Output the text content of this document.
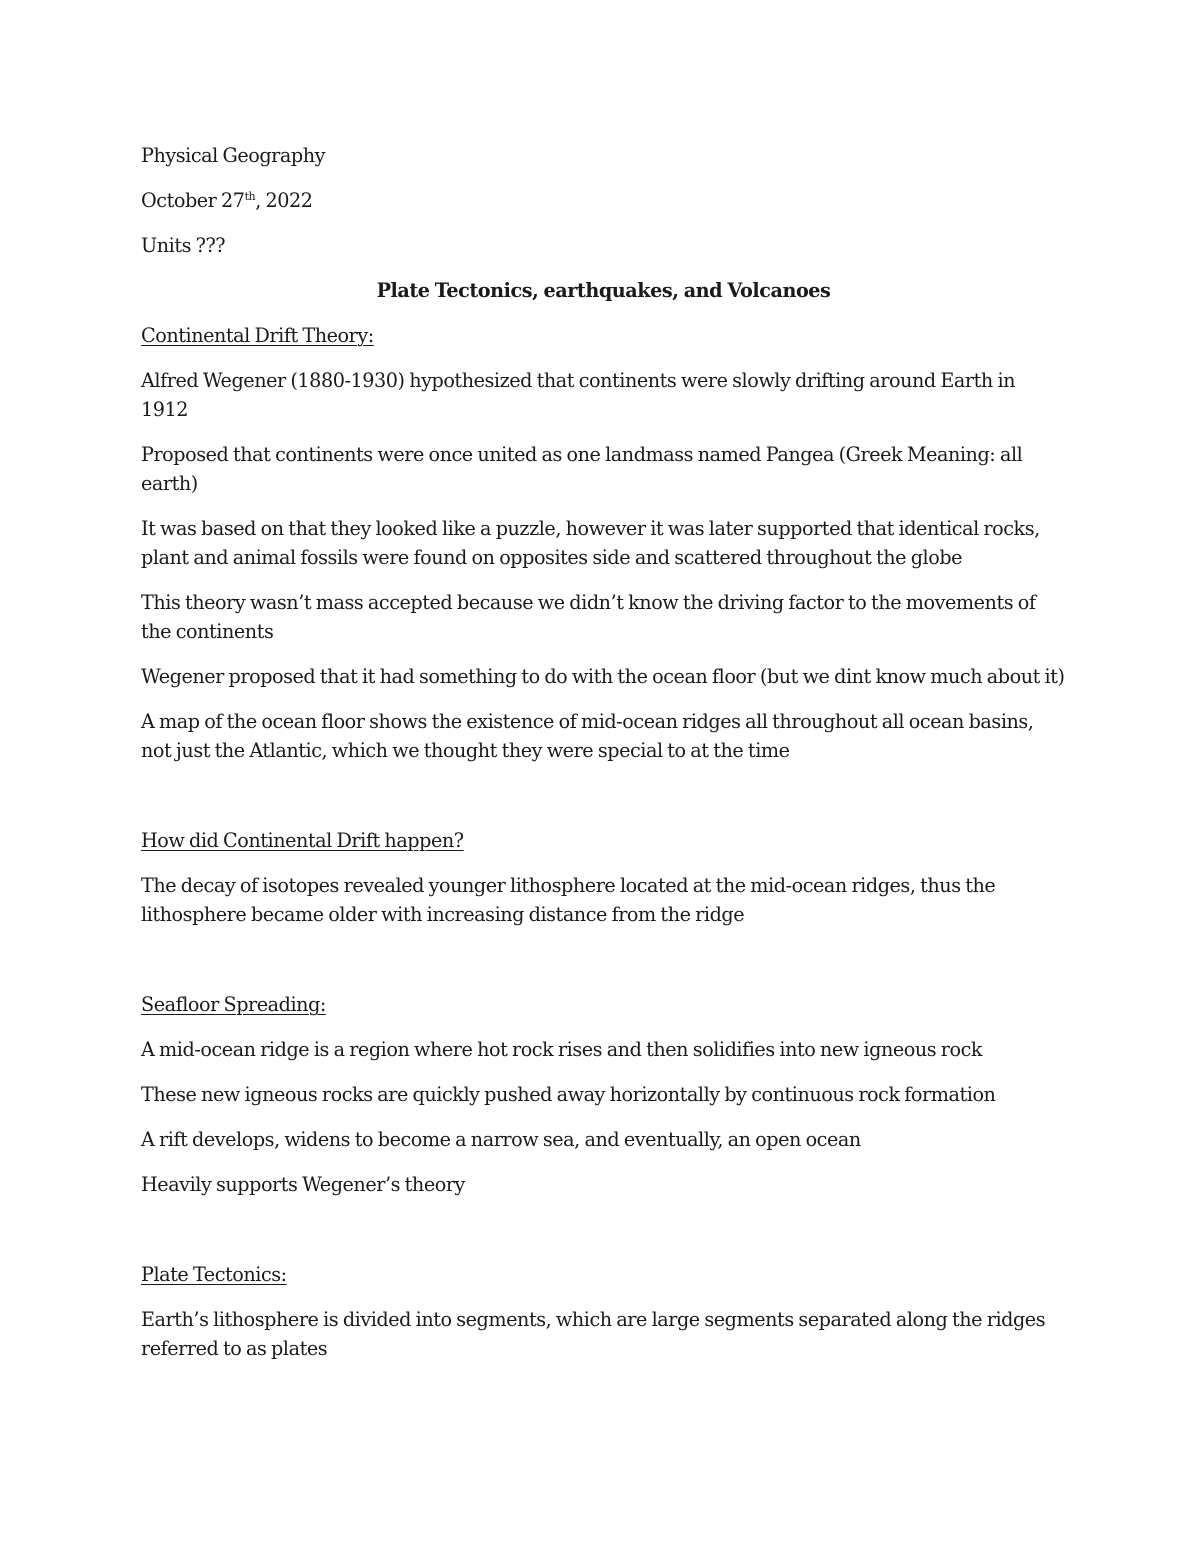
Physical Geography

October 27th, 2022

Units ???

Plate Tectonics, earthquakes, and Volcanoes

Continental Drift Theory:

Alfred Wegener (1880-1930) hypothesized that continents were slowly drifting around Earth in 1912

Proposed that continents were once united as one landmass named Pangea (Greek Meaning: all earth)

It was based on that they looked like a puzzle, however it was later supported that identical rocks, plant and animal fossils were found on opposites side and scattered throughout the globe

This theory wasn’t mass accepted because we didn’t know the driving factor to the movements of the continents

Wegener proposed that it had something to do with the ocean floor (but we dint know much about it)

A map of the ocean floor shows the existence of mid-ocean ridges all throughout all ocean basins, not just the Atlantic, which we thought they were special to at the time

How did Continental Drift happen?

The decay of isotopes revealed younger lithosphere located at the mid-ocean ridges, thus the lithosphere became older with increasing distance from the ridge

Seafloor Spreading:

A mid-ocean ridge is a region where hot rock rises and then solidifies into new igneous rock

These new igneous rocks are quickly pushed away horizontally by continuous rock formation

A rift develops, widens to become a narrow sea, and eventually, an open ocean

Heavily supports Wegener’s theory

Plate Tectonics:

Earth’s lithosphere is divided into segments, which are large segments separated along the ridges referred to as plates
